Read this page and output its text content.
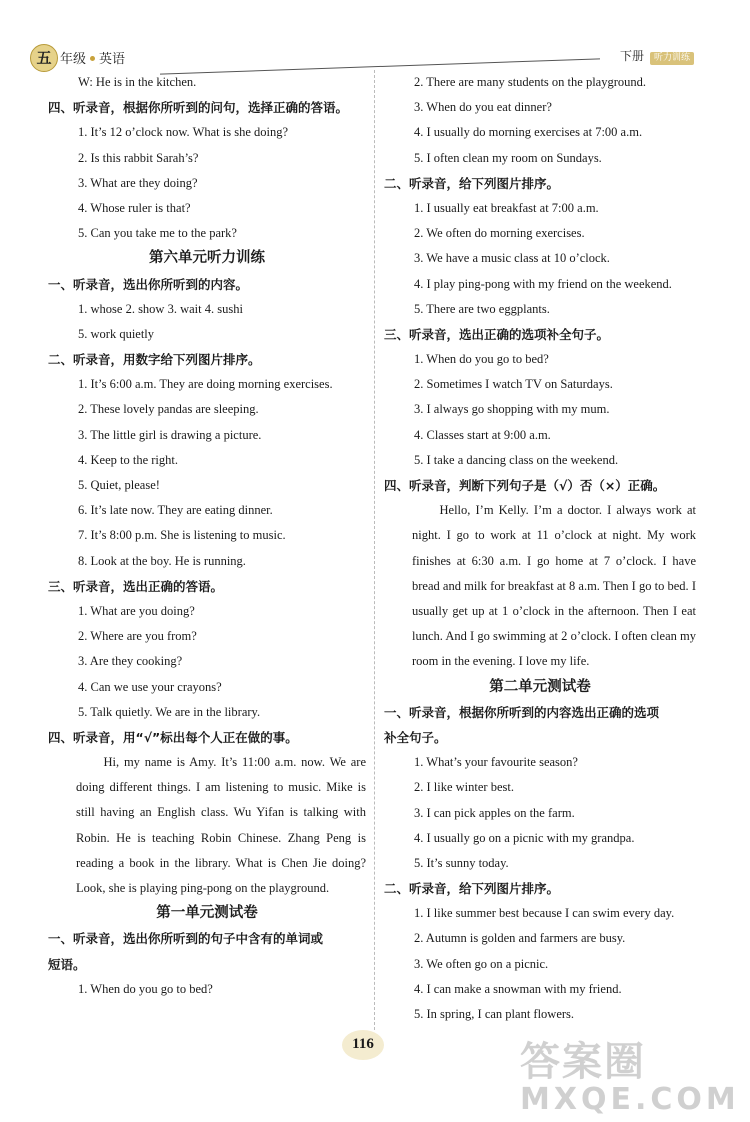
五 年级 英语	下册 听力训练
W: He is in the kitchen.
四、听录音，根据你所听到的问句，选择正确的答语。
1. It’s 12 o’clock now. What is she doing?
2. Is this rabbit Sarah’s?
3. What are they doing?
4. Whose ruler is that?
5. Can you take me to the park?
第六单元听力训练
一、听录音，选出你所听到的内容。
1. whose 2. show 3. wait 4. sushi
5. work quietly
二、听录音，用数字给下列图片排序。
1. It’s 6:00 a.m. They are doing morning exercises.
2. These lovely pandas are sleeping.
3. The little girl is drawing a picture.
4. Keep to the right.
5. Quiet, please!
6. It’s late now. They are eating dinner.
7. It’s 8:00 p.m. She is listening to music.
8. Look at the boy. He is running.
三、听录音，选出正确的答语。
1. What are you doing?
2. Where are you from?
3. Are they cooking?
4. Can we use your crayons?
5. Talk quietly. We are in the library.
四、听录音，用“√”标出每个人正在做的事。
Hi, my name is Amy. It’s 11:00 a.m. now. We are doing different things. I am listening to music. Mike is still having an English class. Wu Yifan is talking with Robin. He is teaching Robin Chinese. Zhang Peng is reading a book in the library. What is Chen Jie doing? Look, she is playing ping-pong on the playground.
第一单元测试卷
一、听录音，选出你所听到的句子中含有的单词或
短语。
1. When do you go to bed?
2. There are many students on the playground.
3. When do you eat dinner?
4. I usually do morning exercises at 7:00 a.m.
5. I often clean my room on Sundays.
二、听录音，给下列图片排序。
1. I usually eat breakfast at 7:00 a.m.
2. We often do morning exercises.
3. We have a music class at 10 o’clock.
4. I play ping-pong with my friend on the weekend.
5. There are two eggplants.
三、听录音，选出正确的选项补全句子。
1. When do you go to bed?
2. Sometimes I watch TV on Saturdays.
3. I always go shopping with my mum.
4. Classes start at 9:00 a.m.
5. I take a dancing class on the weekend.
四、听录音，判断下列句子是（√）否（×）正确。
Hello, I’m Kelly. I’m a doctor. I always work at night. I go to work at 11 o’clock at night. My work finishes at 6:30 a.m. I go home at 7 o’clock. I have bread and milk for breakfast at 8 a.m. Then I go to bed. I usually get up at 1 o’clock in the afternoon. Then I eat lunch. And I go swimming at 2 o’clock. I often clean my room in the evening. I love my life.
第二单元测试卷
一、听录音，根据你所听到的内容选出正确的选项
补全句子。
1. What’s your favourite season?
2. I like winter best.
3. I can pick apples on the farm.
4. I usually go on a picnic with my grandpa.
5. It’s sunny today.
二、听录音，给下列图片排序。
1. I like summer best because I can swim every day.
2. Autumn is golden and farmers are busy.
3. We often go on a picnic.
4. I can make a snowman with my friend.
5. In spring, I can plant flowers.
116	答案圈
MXQE.COM
